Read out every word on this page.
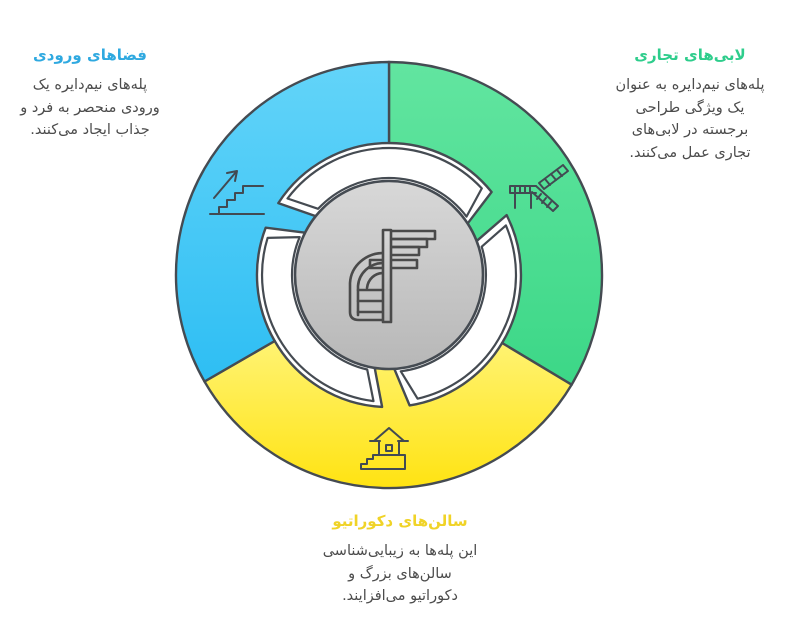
فضاهای ورودی
پله‌های نیم‌دایره یک
ورودی منحصر به فرد و
جذاب ایجاد می‌کنند.
لابی‌های تجاری
پله‌های نیم‌دایره به عنوان
یک ویژگی طراحی
برجسته در لابی‌های
تجاری عمل می‌کنند.
سالن‌های دکوراتیو
این پله‌ها به زیبایی‌شناسی
سالن‌های بزرگ و
دکوراتیو می‌افزایند.
